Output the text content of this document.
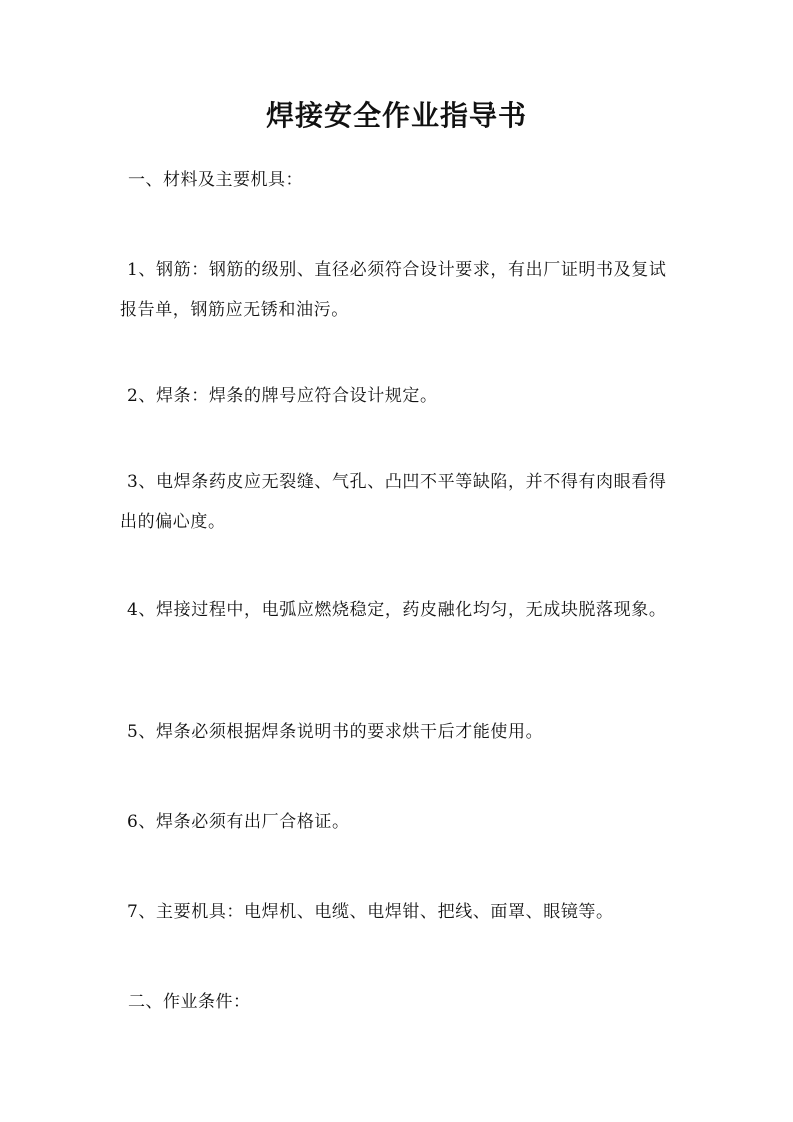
焊接安全作业指导书
一、材料及主要机具：

1、钢筋：钢筋的级别、直径必须符合设计要求，有出厂证明书及复试报告单，钢筋应无锈和油污。

2、焊条：焊条的牌号应符合设计规定。

3、电焊条药皮应无裂缝、气孔、凸凹不平等缺陷，并不得有肉眼看得出的偏心度。

4、焊接过程中，电弧应燃烧稳定，药皮融化均匀，无成块脱落现象。

5、焊条必须根据焊条说明书的要求烘干后才能使用。

6、焊条必须有出厂合格证。

7、主要机具：电焊机、电缆、电焊钳、把线、面罩、眼镜等。

二、作业条件：
